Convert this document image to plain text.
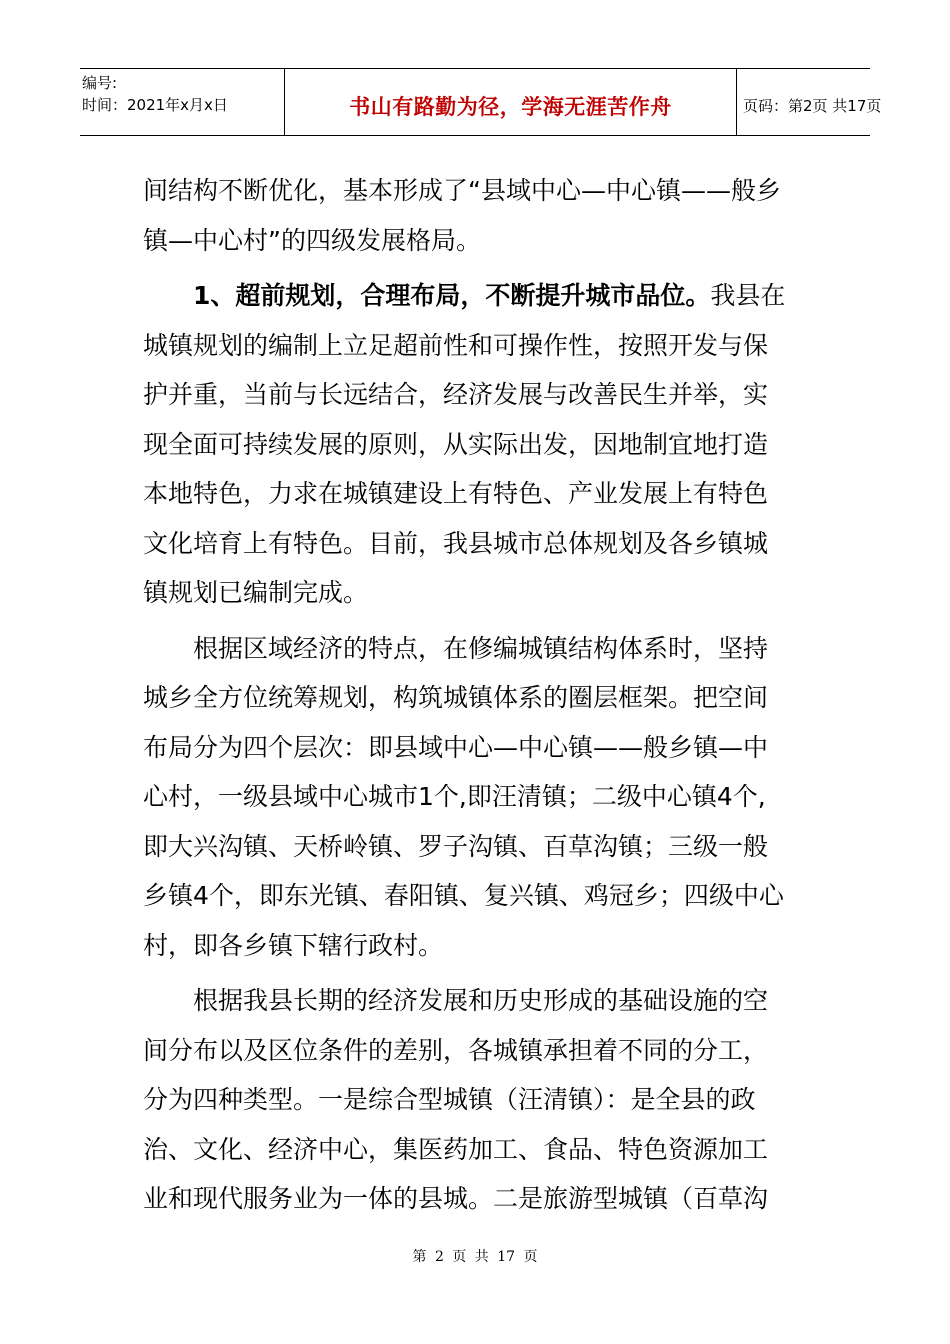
编号:
时间：2021年x月x日	书山有路勤为径，学海无涯苦作舟	页码：第2页 共17页
间结构不断优化，基本形成了“县域中心—中心镇——般乡
镇—中心村”的四级发展格局。
1、超前规划，合理布局，不断提升城市品位。我县在
城镇规划的编制上立足超前性和可操作性，按照开发与保
护并重，当前与长远结合，经济发展与改善民生并举，实
现全面可持续发展的原则，从实际出发，因地制宜地打造
本地特色，力求在城镇建设上有特色、产业发展上有特色
文化培育上有特色。目前，我县城市总体规划及各乡镇城
镇规划已编制完成。
根据区域经济的特点，在修编城镇结构体系时，坚持
城乡全方位统筹规划，构筑城镇体系的圈层框架。把空间
布局分为四个层次：即县域中心—中心镇——般乡镇—中
心村，一级县域中心城市1个,即汪清镇；二级中心镇4个,
即大兴沟镇、天桥岭镇、罗子沟镇、百草沟镇；三级一般
乡镇4个，即东光镇、春阳镇、复兴镇、鸡冠乡；四级中心
村，即各乡镇下辖行政村。
根据我县长期的经济发展和历史形成的基础设施的空
间分布以及区位条件的差别，各城镇承担着不同的分工，
分为四种类型。一是综合型城镇（汪清镇）：是全县的政
治、文化、经济中心，集医药加工、食品、特色资源加工
业和现代服务业为一体的县城。二是旅游型城镇（百草沟
第 2 页 共 17 页
